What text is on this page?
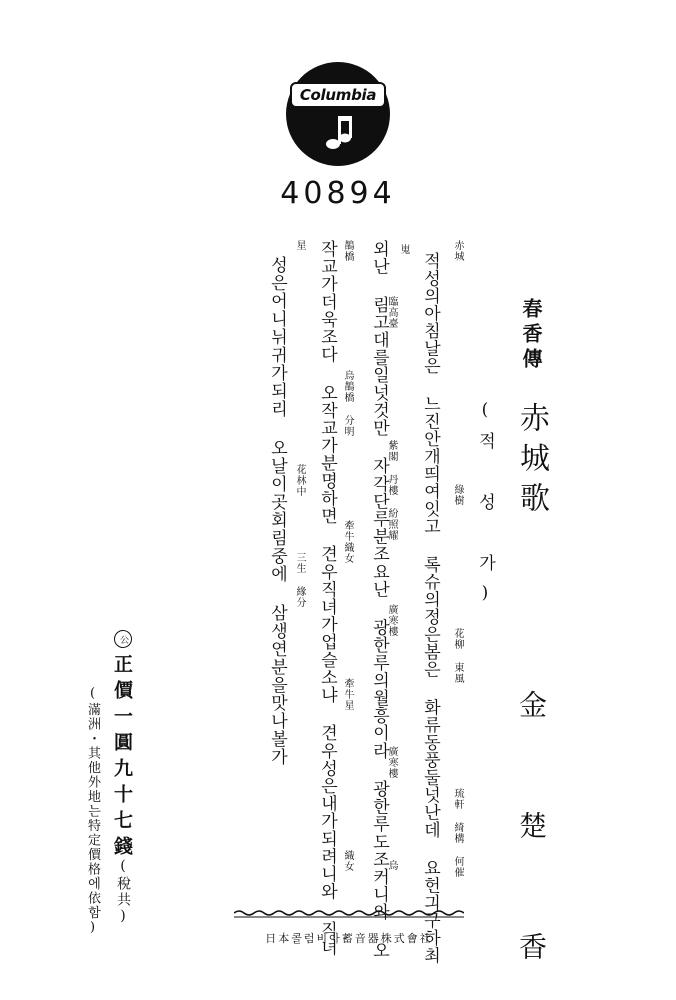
Columbia
40894
春香傳
赤城歌
(적 성 가)
金 楚 香
赤城
綠樹
花柳 東風
琉軒 綺構 何催
적성의아침날은 느진안개띄여잇고 록슈의정은봄은 화류동풍둘넛난데 요헌긔구하최
嵬
臨高臺
紫閣 丹樓 紛照耀
廣寒樓
廣寒樓
烏
외난 림고대를일넛것만 자각단루분조요난 광한루의월흥이라 광한루도조커니와 오
鵲橋
烏鵲橋 分明
牽牛織女
牽牛星
織女
작교가더욱조다 오작교가분명하면 견우직녀가업슬소냐 견우성은내가되려니와 직녀
星
花林中
三生 緣分
성은어니뉘귀가되리 오날이곳회림중에 삼생연분을맛나볼가
公
正價一圓九十七錢
(稅共)
(滿洲・其他外地는特定價格에依함)
日本콜럼비아蓄音器株式會社
